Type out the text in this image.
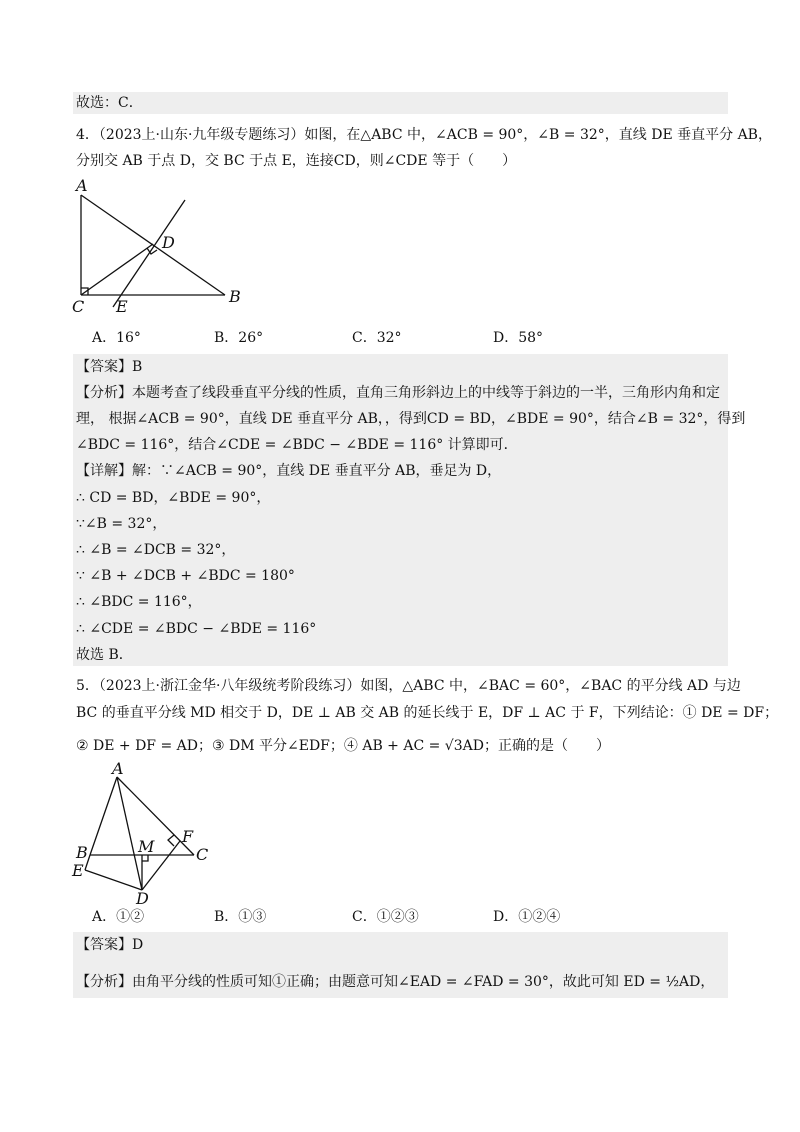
故选：C．
4．（2023上·山东·九年级专题练习）如图，在△ABC 中，∠ACB = 90°，∠B = 32°，直线 DE 垂直平分 AB，
分别交 AB 于点 D，交 BC 于点 E，连接CD，则∠CDE 等于（　　）
A
D
C E
B
A．16°	B．26°	C．32°	D．58°
【答案】B
【分析】本题考查了线段垂直平分线的性质，直角三角形斜边上的中线等于斜边的一半，三角形内角和定
理， 根据∠ACB = 90°，直线 DE 垂直平分 AB，，得到CD = BD，∠BDE = 90°，结合∠B = 32°，得到
∠BDC = 116°，结合∠CDE = ∠BDC − ∠BDE = 116° 计算即可．
【详解】解：∵∠ACB = 90°，直线 DE 垂直平分 AB，垂足为 D，
∴ CD = BD，∠BDE = 90°，
∵∠B = 32°，
∴ ∠B = ∠DCB = 32°，
∵ ∠B + ∠DCB + ∠BDC = 180°
∴ ∠BDC = 116°，
∴ ∠CDE = ∠BDC − ∠BDE = 116°
故选 B．
5．（2023上·浙江金华·八年级统考阶段练习）如图，△ABC 中，∠BAC = 60°，∠BAC 的平分线 AD 与边
BC 的垂直平分线 MD 相交于 D，DE ⊥ AB 交 AB 的延长线于 E，DF ⊥ AC 于 F，下列结论：① DE = DF；
② DE + DF = AD；③ DM 平分∠EDF；④ AB + AC = √3AD；正确的是（　　）
A
F
M
B	C
E
D
A．①②	B．①③	C．①②③	D．①②④
【答案】D
【分析】由角平分线的性质可知①正确；由题意可知∠EAD = ∠FAD = 30°，故此可知 ED = ½AD，
